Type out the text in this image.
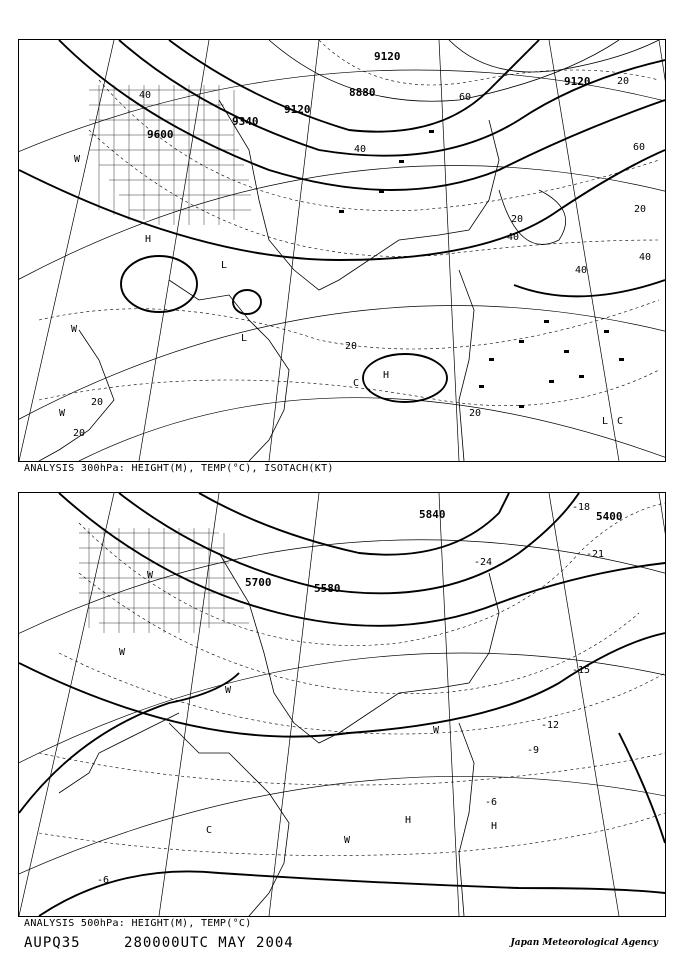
9120
9600
9340
9120
8880
9120
40	60
40
20
40
40
20
60
20
40
20
20
20
20
W
H
L
L
C
H
L C
W
W
ANALYSIS 300hPa: HEIGHT(M), TEMP(°C), ISOTACH(KT)
5840
5700	5580
5400
-18
-21
-15
-12
-9
-6
-6
-24
W
W
W
C
W
H
H
W
ANALYSIS 500hPa: HEIGHT(M), TEMP(°C)
AUPQ35	280000UTC MAY 2004	Japan Meteorological Agency
